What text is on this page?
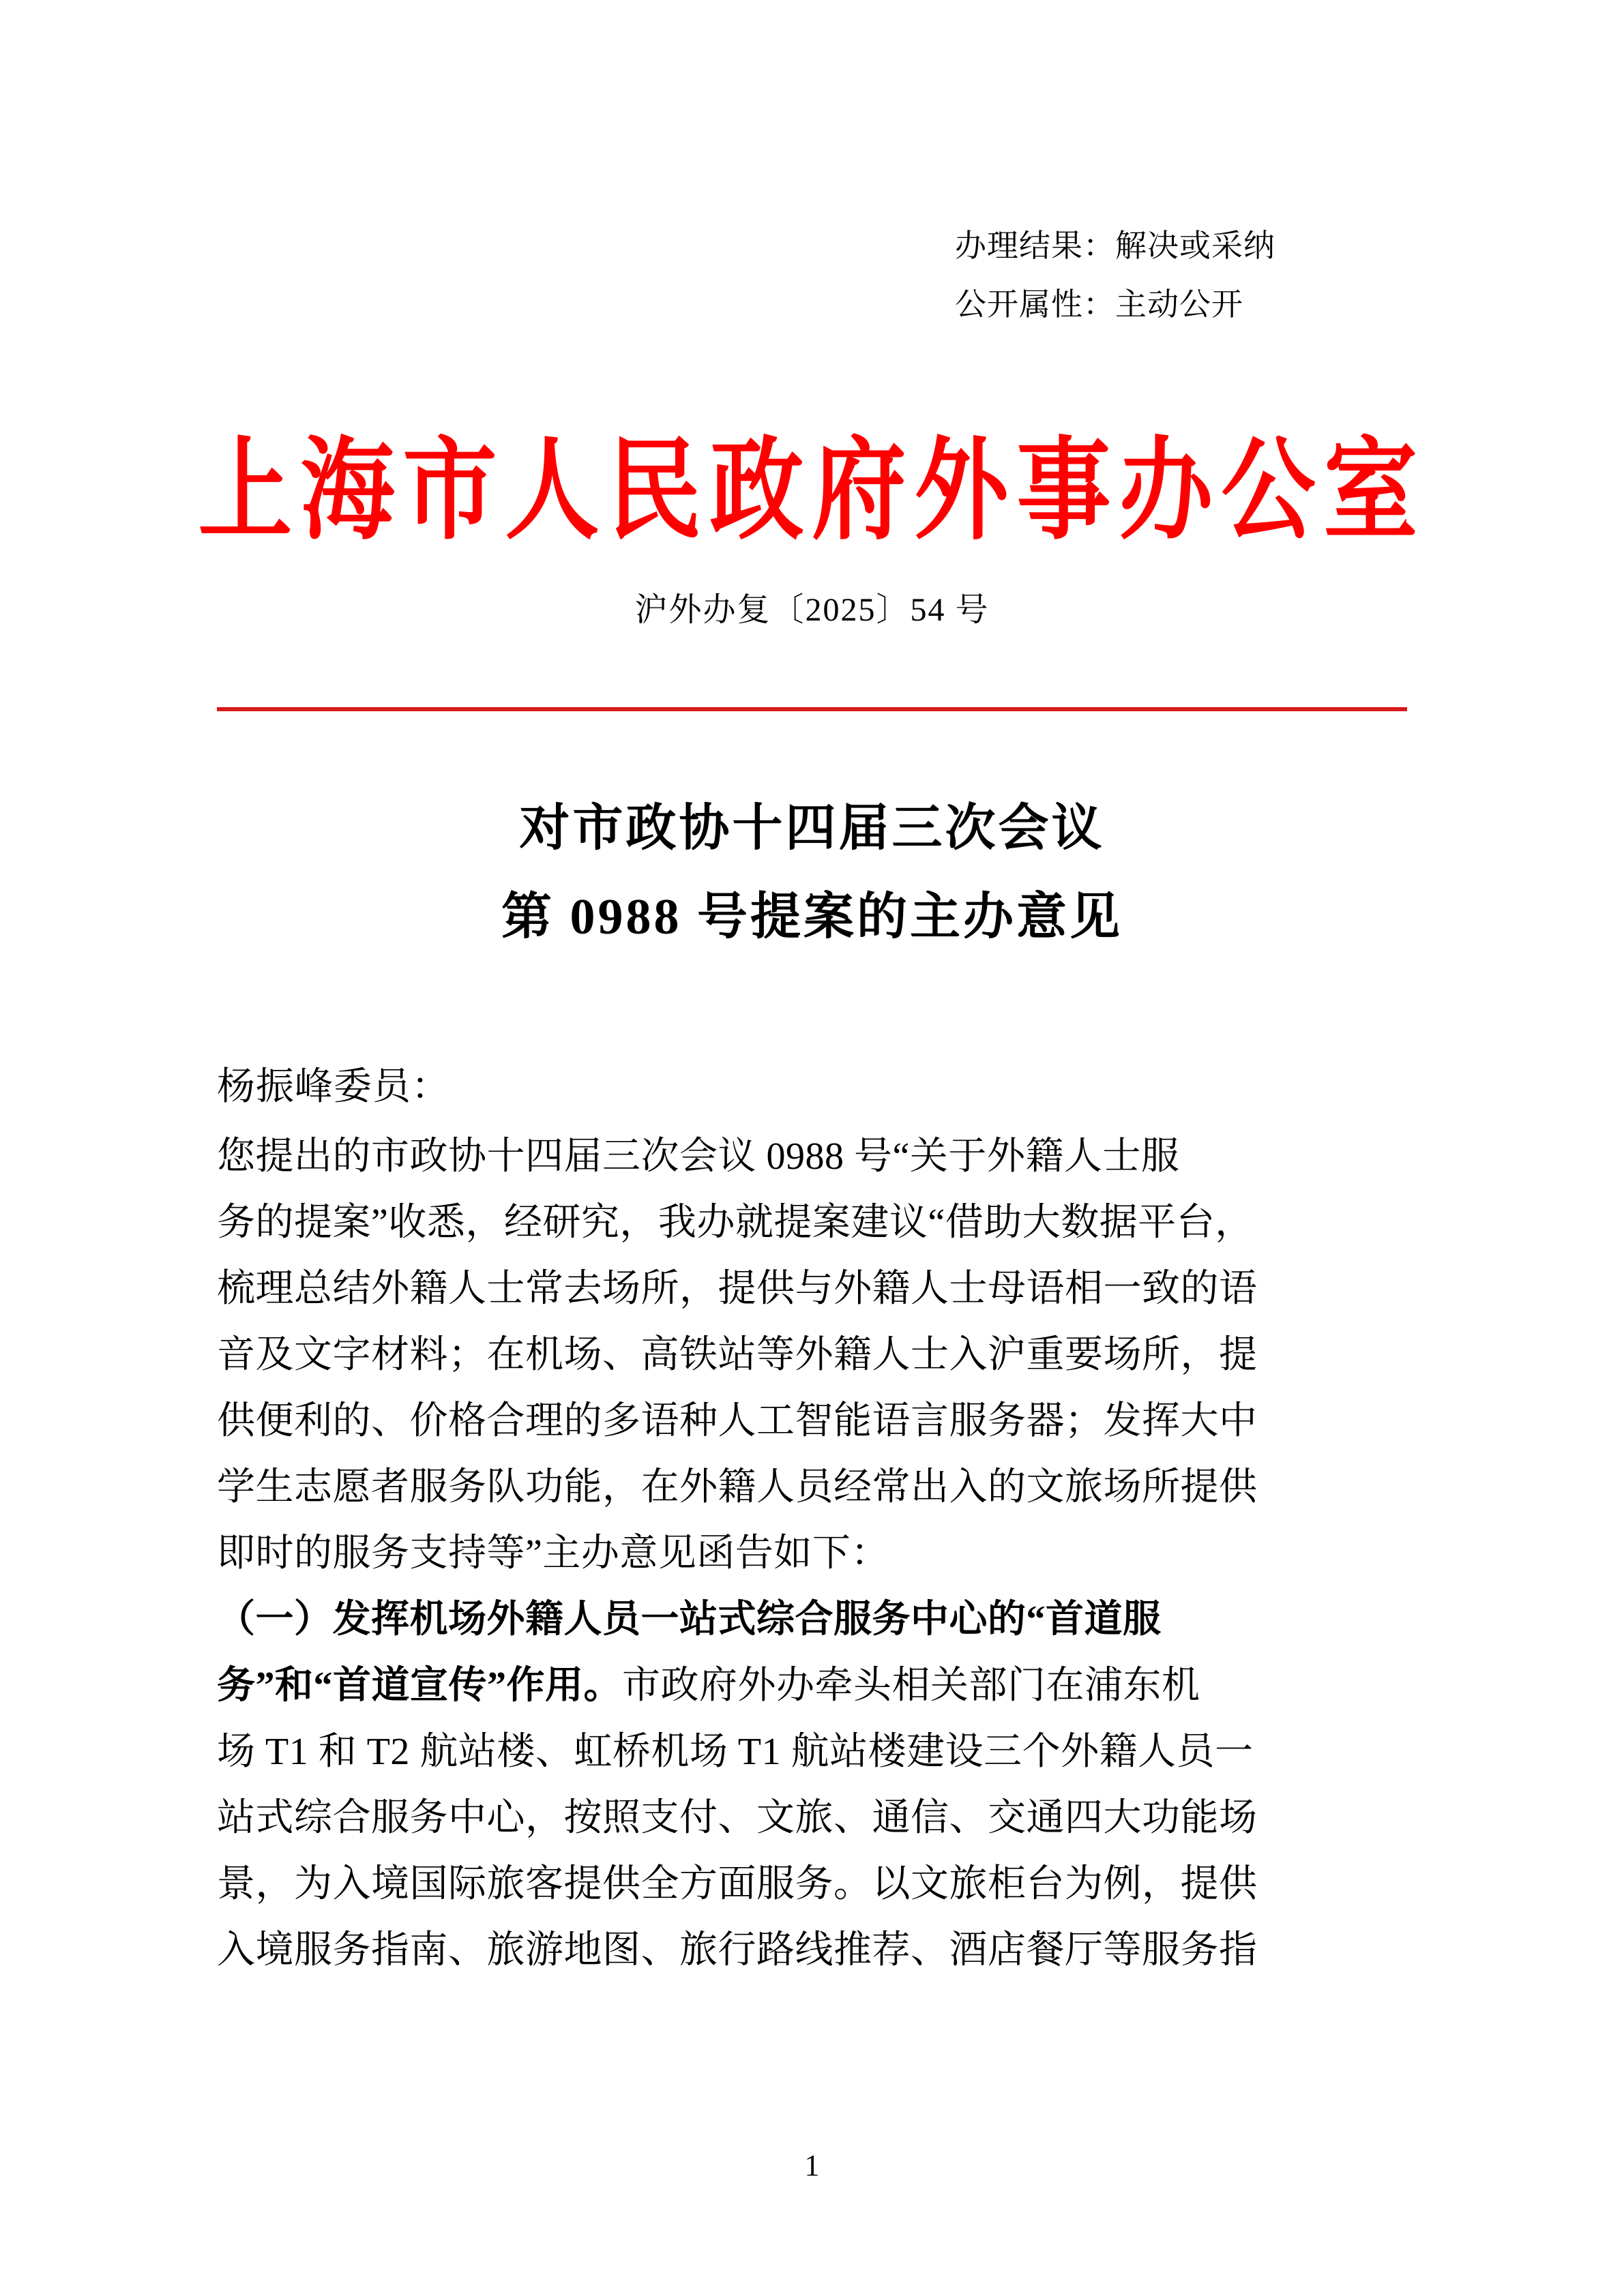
办理结果：解决或采纳
公开属性：主动公开
上海市人民政府外事办公室
沪外办复〔2025〕54 号
对市政协十四届三次会议
第 0988 号提案的主办意见
杨振峰委员：
您提出的市政协十四届三次会议 0988 号“关于外籍人士服
务的提案”收悉，经研究，我办就提案建议“借助大数据平台，
梳理总结外籍人士常去场所，提供与外籍人士母语相一致的语
音及文字材料；在机场、高铁站等外籍人士入沪重要场所，提
供便利的、价格合理的多语种人工智能语言服务器；发挥大中
学生志愿者服务队功能，在外籍人员经常出入的文旅场所提供
即时的服务支持等”主办意见函告如下：
（一）发挥机场外籍人员一站式综合服务中心的“首道服
务”和“首道宣传”作用。市政府外办牵头相关部门在浦东机
场 T1 和 T2 航站楼、虹桥机场 T1 航站楼建设三个外籍人员一
站式综合服务中心，按照支付、文旅、通信、交通四大功能场
景，为入境国际旅客提供全方面服务。以文旅柜台为例，提供
入境服务指南、旅游地图、旅行路线推荐、酒店餐厅等服务指
1
